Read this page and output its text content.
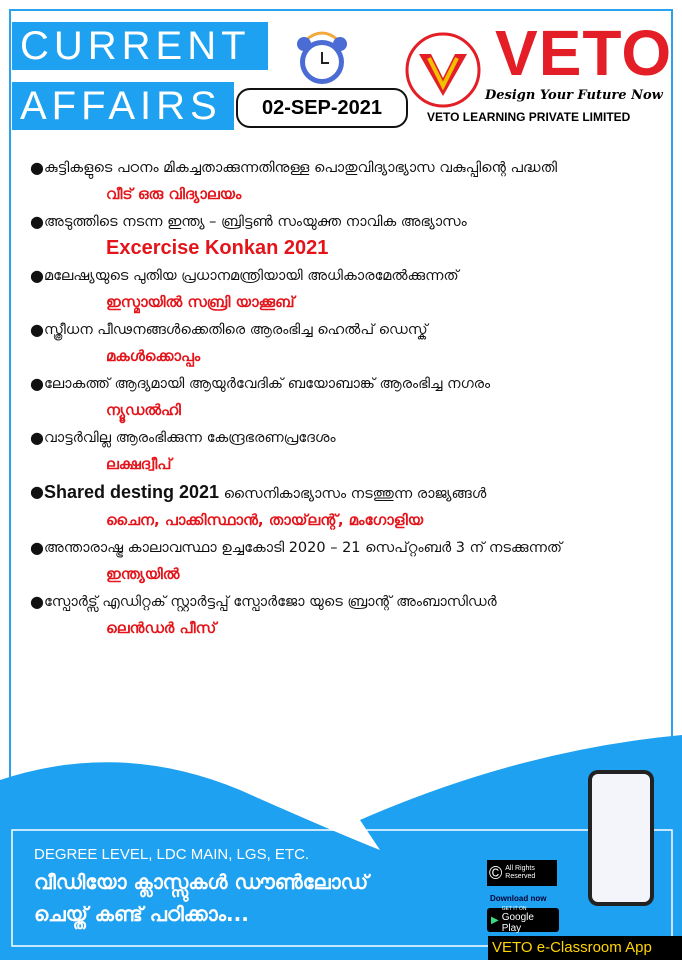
CURRENT
AFFAIRS	02-SEP-2021
VETO
Design Your Future Now
VETO LEARNING PRIVATE LIMITED
● കുട്ടികളുടെ പഠനം മികച്ചതാക്കുന്നതിനുള്ള പൊതുവിദ്യാഭ്യാസ വകുപ്പിന്റെ പദ്ധതി
വീട് ഒരു വിദ്യാലയം
● അടുത്തിടെ നടന്ന ഇന്ത്യ – ബ്രിട്ടൺ സംയുക്ത നാവിക അഭ്യാസം
Excercise Konkan 2021
● മലേഷ്യയുടെ പുതിയ പ്രധാനമന്ത്രിയായി അധികാരമേൽക്കുന്നത്
ഇസ്മായിൽ സബ്രി യാക്കൂബ്
● സ്ത്രീധന പീഢനങ്ങൾക്കെതിരെ ആരംഭിച്ച ഹെൽപ് ഡെസ്ക്
മകൾക്കൊപ്പം
● ലോകത്ത് ആദ്യമായി ആയുർവേദിക് ബയോബാങ്ക് ആരംഭിച്ച നഗരം
ന്യൂഡൽഹി
● വാട്ടർവില്ല ആരംഭിക്കുന്ന കേന്ദ്രഭരണപ്രദേശം
ലക്ഷദ്വീപ്
● Shared desting 2021 സൈനികാഭ്യാസം നടത്തുന്ന രാജ്യങ്ങൾ
ചൈന, പാക്കിസ്ഥാൻ, തായ്‌ലന്റ്, മംഗോളിയ
● അന്താരാഷ്ട്ര കാലാവസ്ഥാ ഉച്ചകോടി 2020 – 21 സെപ്റ്റംബർ 3 ന് നടക്കുന്നത്
ഇന്ത്യയിൽ
● സ്പോർട്സ് എഡിറ്റക് സ്റ്റാർട്ടപ്പ് സ്പോർജോ യുടെ ബ്രാന്റ് അംബാസിഡർ
ലെൻഡർ പീസ്
DEGREE LEVEL, LDC MAIN, LGS, ETC.
വീഡിയോ ക്ലാസ്സുകൾ ഡൗൺലോഡ്
ചെയ്ത് കണ്ട് പഠിക്കാം...
© All Rights Reserved
Download now
▶
GET IT ON
Google Play
VETO e-Classroom App
